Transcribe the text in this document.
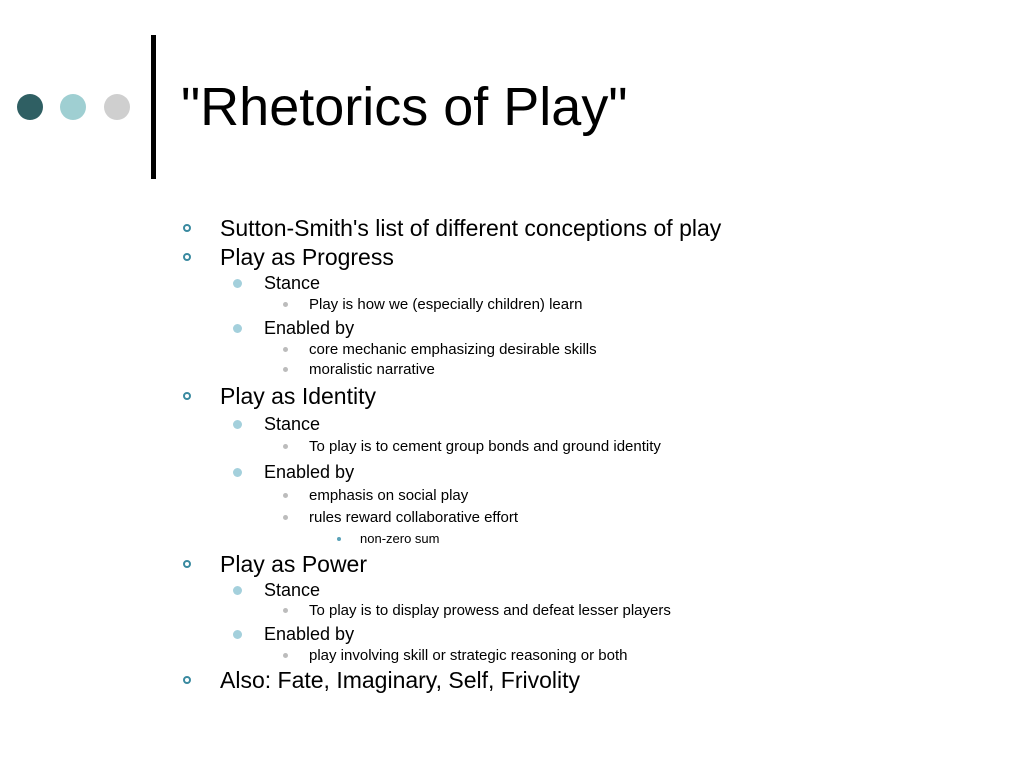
"Rhetorics of Play"
Sutton-Smith's list of different conceptions of play
Play as Progress
Stance
Play is how we (especially children) learn
Enabled by
core mechanic emphasizing desirable skills
moralistic narrative
Play as Identity
Stance
To play is to cement group bonds and ground identity
Enabled by
emphasis on social play
rules reward collaborative effort
non-zero sum
Play as Power
Stance
To play is to display prowess and defeat lesser players
Enabled by
play involving skill or strategic reasoning or both
Also: Fate, Imaginary, Self, Frivolity
